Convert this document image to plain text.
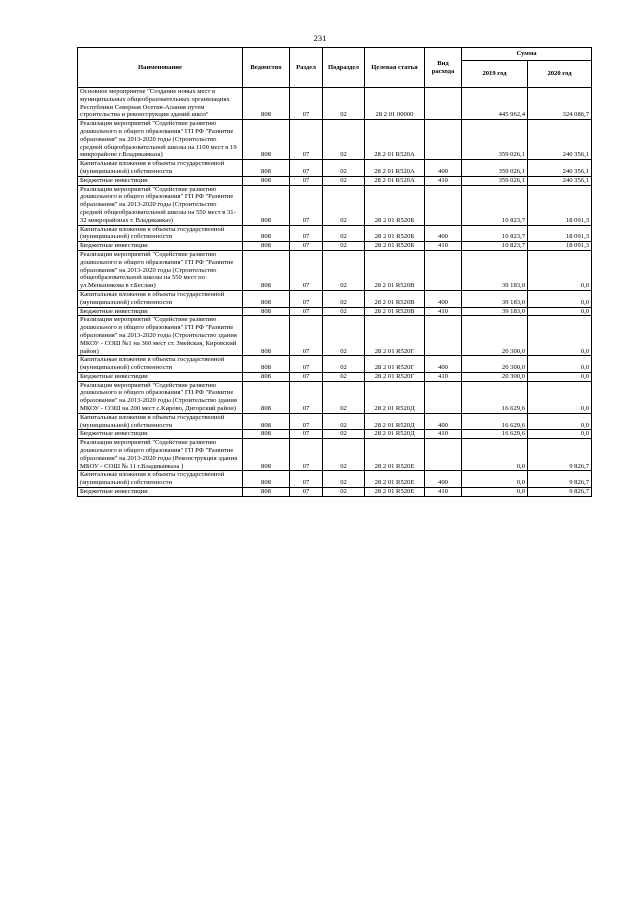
231
Наименование	Ведомство	Раздел	Подраздел	Целевая статья	Вид расхода	Сумма	
						2019 год	2020 год
Основное мероприятие "Создание новых мест в муниципальных общеобразовательных организациях Республики Северная Осетия-Алания путем строительства и реконструкции зданий школ"	808	07	02	28 2 01 00000		445 962,4	324 086,7
Реализация мероприятий "Содействие развитию дошкольного и общего образования" ГП РФ "Развитие образования" на 2013-2020 годы (Строительство средней общеобразовательной школы на 1100 мест в 19 микрорайоне г.Владикавказа)	808	07	02	28 2 01 R520А		359 026,1	240 356,1
Капитальные вложения в объекты государственной (муниципальной) собственности	808	07	02	28 2 01 R520А	400	359 026,1	240 356,1
Бюджетные инвестиции	808	07	02	28 2 01 R520А	410	359 026,1	240 356,1
Реализация мероприятий "Содействие развитию дошкольного и общего образования" ГП РФ "Развитие образования" на 2013-2020 годы (Строительство средней общеобразовательной школы на 550 мест в 31-32 микрорайонах г. Владикавказ)	808	07	02	28 2 01 R520Б		10 823,7	18 091,3
Капитальные вложения в объекты государственной (муниципальной) собственности	808	07	02	28 2 01 R520Б	400	10 823,7	18 091,3
Бюджетные инвестиции	808	07	02	28 2 01 R520Б	410	10 823,7	18 091,3
Реализация мероприятий "Содействие развитию дошкольного и общего образования" ГП РФ "Развитие образования" на 2013-2020 годы (Строительство общеобразовательной школы на 550 мест по ул.Меньшикова в г.Беслан)	808	07	02	28 2 01 R520В		39 183,0	0,0
Капитальные вложения в объекты государственной (муниципальной) собственности	808	07	02	28 2 01 R520В	400	39 183,0	0,0
Бюджетные инвестиции	808	07	02	28 2 01 R520В	410	39 183,0	0,0
Реализация мероприятий "Содействие развитию дошкольного и общего образования" ГП РФ "Развитие образования" на 2013-2020 годы (Строительство здания МКОУ - СОШ №1 на 360 мест ст. Змейская, Кировский район)	808	07	02	28 2 01 R520Г		20 300,0	0,0
Капитальные вложения в объекты государственной (муниципальной) собственности	808	07	02	28 2 01 R520Г	400	20 300,0	0,0
Бюджетные инвестиции	808	07	02	28 2 01 R520Г	410	20 300,0	0,0
Реализация мероприятий "Содействие развитию дошкольного и общего образования" ГП РФ "Развитие образования" на 2013-2020 годы (Строительство здания МКОУ - СОШ на 200 мест с.Кирово, Дигорский район)	808	07	02	28 2 01 R520Д		16 629,6	0,0
Капитальные вложения в объекты государственной (муниципальной) собственности	808	07	02	28 2 01 R520Д	400	16 629,6	0,0
Бюджетные инвестиции	808	07	02	28 2 01 R520Д	410	16 629,6	0,0
Реализация мероприятий "Содействие развитию дошкольного и общего образования" ГП РФ "Развитие образования" на 2013-2020 годы (Реконструкция здания МБОУ - СОШ № 11 г.Владикавказа )	808	07	02	28 2 01 R520Е		0,0	9 826,7
Капитальные вложения в объекты государственной (муниципальной) собственности	808	07	02	28 2 01 R520Е	400	0,0	9 826,7
Бюджетные инвестиции	808	07	02	28 2 01 R520Е	410	0,0	9 826,7
